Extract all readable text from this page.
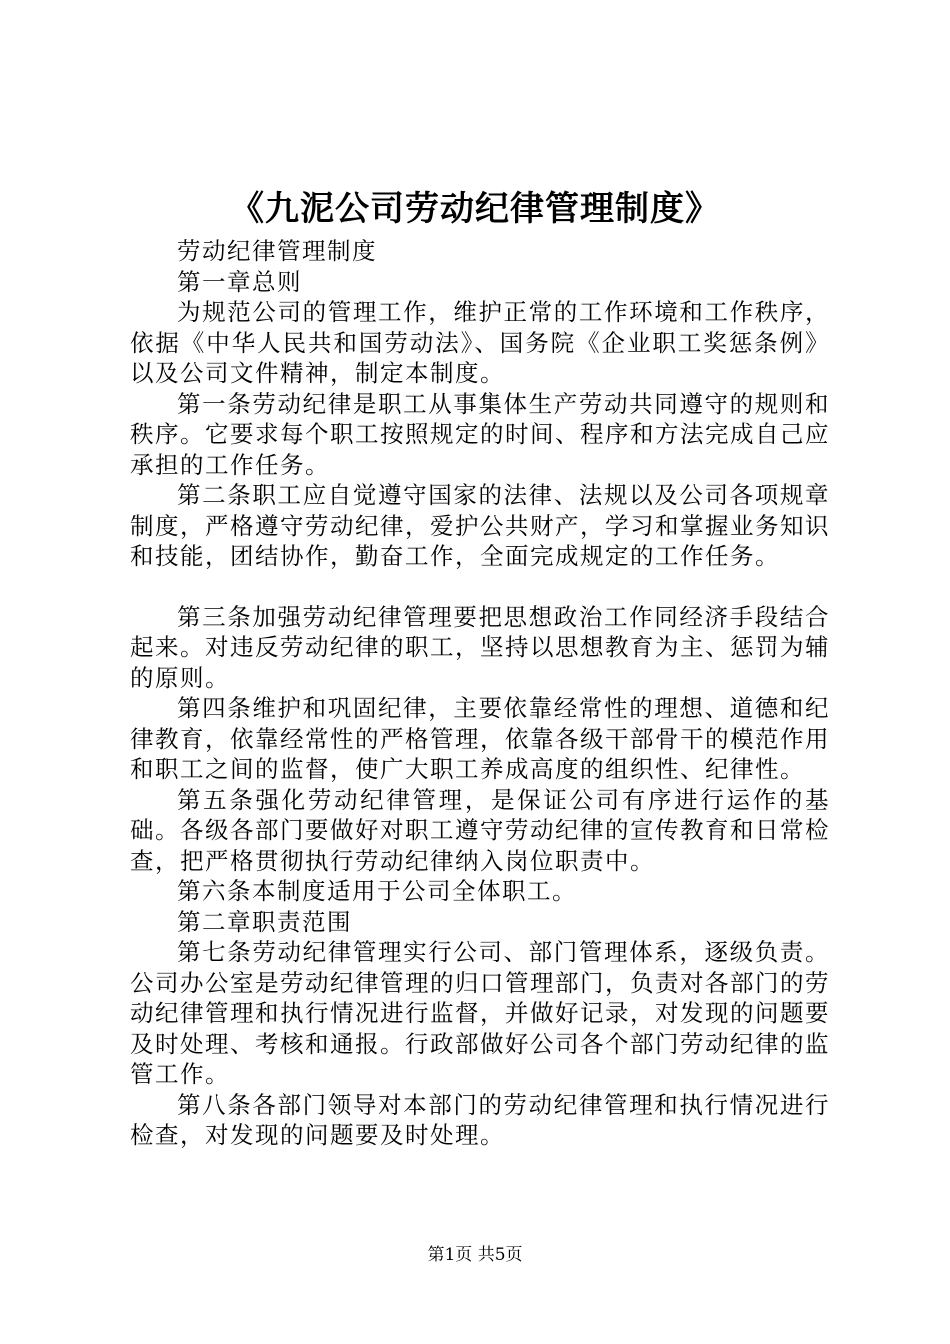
《九泥公司劳动纪律管理制度》

劳动纪律管理制度

第一章总则

为规范公司的管理工作，维护正常的工作环境和工作秩序，依据《中华人民共和国劳动法》、国务院《企业职工奖惩条例》以及公司文件精神，制定本制度。

第一条劳动纪律是职工从事集体生产劳动共同遵守的规则和秩序。它要求每个职工按照规定的时间、程序和方法完成自己应承担的工作任务。

第二条职工应自觉遵守国家的法律、法规以及公司各项规章制度，严格遵守劳动纪律，爱护公共财产，学习和掌握业务知识和技能，团结协作，勤奋工作，全面完成规定的工作任务。

第三条加强劳动纪律管理要把思想政治工作同经济手段结合起来。对违反劳动纪律的职工，坚持以思想教育为主、惩罚为辅的原则。

第四条维护和巩固纪律，主要依靠经常性的理想、道德和纪律教育，依靠经常性的严格管理，依靠各级干部骨干的模范作用和职工之间的监督，使广大职工养成高度的组织性、纪律性。

第五条强化劳动纪律管理，是保证公司有序进行运作的基础。各级各部门要做好对职工遵守劳动纪律的宣传教育和日常检查，把严格贯彻执行劳动纪律纳入岗位职责中。

第六条本制度适用于公司全体职工。

第二章职责范围

第七条劳动纪律管理实行公司、部门管理体系，逐级负责。公司办公室是劳动纪律管理的归口管理部门，负责对各部门的劳动纪律管理和执行情况进行监督，并做好记录，对发现的问题要及时处理、考核和通报。行政部做好公司各个部门劳动纪律的监管工作。

第八条各部门领导对本部门的劳动纪律管理和执行情况进行检查，对发现的问题要及时处理。

第1页 共5页
